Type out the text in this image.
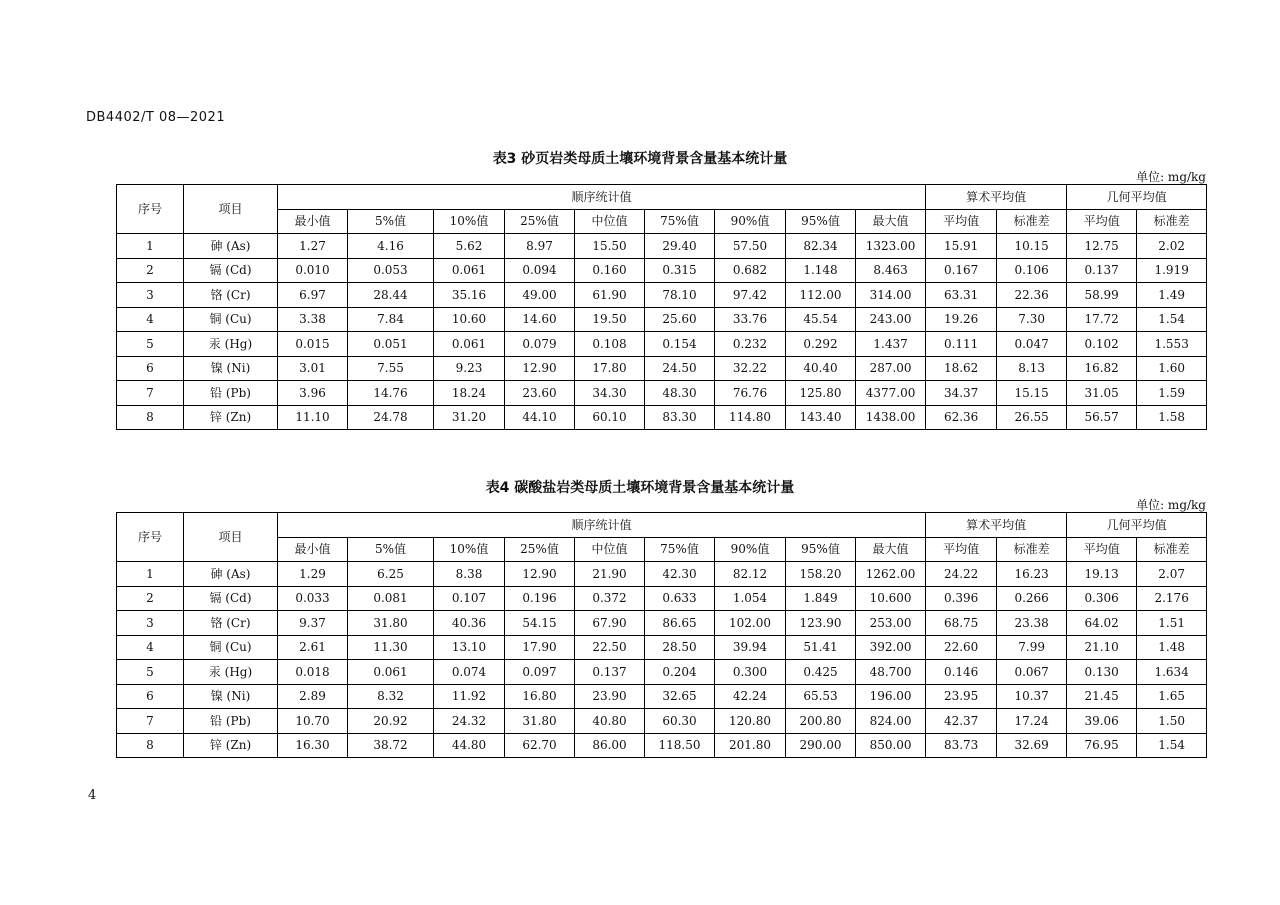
DB4402/T 08—2021
表3 砂页岩类母质土壤环境背景含量基本统计量
单位: mg/kg
序号	项目	顺序统计值									算术平均值		几何平均值	
		最小值	5%值	10%值	25%值	中位值	75%值	90%值	95%值	最大值	平均值	标准差	平均值	标准差
1	砷 (As)	1.27	4.16	5.62	8.97	15.50	29.40	57.50	82.34	1323.00	15.91	10.15	12.75	2.02
2	镉 (Cd)	0.010	0.053	0.061	0.094	0.160	0.315	0.682	1.148	8.463	0.167	0.106	0.137	1.919
3	铬 (Cr)	6.97	28.44	35.16	49.00	61.90	78.10	97.42	112.00	314.00	63.31	22.36	58.99	1.49
4	铜 (Cu)	3.38	7.84	10.60	14.60	19.50	25.60	33.76	45.54	243.00	19.26	7.30	17.72	1.54
5	汞 (Hg)	0.015	0.051	0.061	0.079	0.108	0.154	0.232	0.292	1.437	0.111	0.047	0.102	1.553
6	镍 (Ni)	3.01	7.55	9.23	12.90	17.80	24.50	32.22	40.40	287.00	18.62	8.13	16.82	1.60
7	铅 (Pb)	3.96	14.76	18.24	23.60	34.30	48.30	76.76	125.80	4377.00	34.37	15.15	31.05	1.59
8	锌 (Zn)	11.10	24.78	31.20	44.10	60.10	83.30	114.80	143.40	1438.00	62.36	26.55	56.57	1.58
表4 碳酸盐岩类母质土壤环境背景含量基本统计量
单位: mg/kg
序号	项目	顺序统计值									算术平均值		几何平均值	
		最小值	5%值	10%值	25%值	中位值	75%值	90%值	95%值	最大值	平均值	标准差	平均值	标准差
1	砷 (As)	1.29	6.25	8.38	12.90	21.90	42.30	82.12	158.20	1262.00	24.22	16.23	19.13	2.07
2	镉 (Cd)	0.033	0.081	0.107	0.196	0.372	0.633	1.054	1.849	10.600	0.396	0.266	0.306	2.176
3	铬 (Cr)	9.37	31.80	40.36	54.15	67.90	86.65	102.00	123.90	253.00	68.75	23.38	64.02	1.51
4	铜 (Cu)	2.61	11.30	13.10	17.90	22.50	28.50	39.94	51.41	392.00	22.60	7.99	21.10	1.48
5	汞 (Hg)	0.018	0.061	0.074	0.097	0.137	0.204	0.300	0.425	48.700	0.146	0.067	0.130	1.634
6	镍 (Ni)	2.89	8.32	11.92	16.80	23.90	32.65	42.24	65.53	196.00	23.95	10.37	21.45	1.65
7	铅 (Pb)	10.70	20.92	24.32	31.80	40.80	60.30	120.80	200.80	824.00	42.37	17.24	39.06	1.50
8	锌 (Zn)	16.30	38.72	44.80	62.70	86.00	118.50	201.80	290.00	850.00	83.73	32.69	76.95	1.54
4
